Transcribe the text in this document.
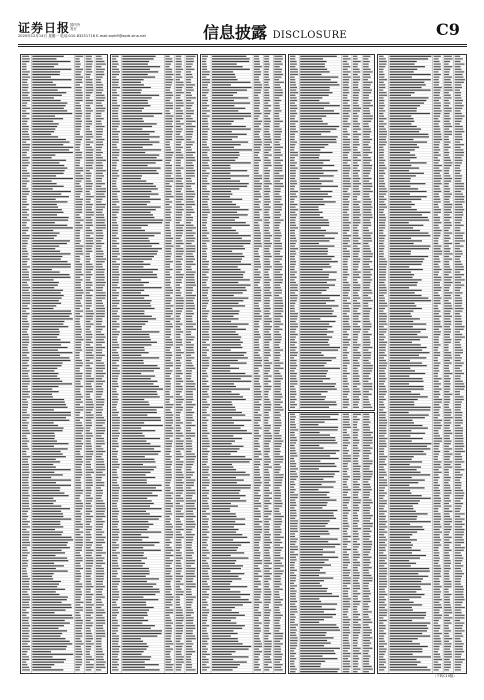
证券日报 国内外
发行
2020年12月14日 星期一 电话:010-83251716 E-mail:zqrb9@zqrb.sina.net	信息披露 DISCLOSURE	C9
（下转C10版）
